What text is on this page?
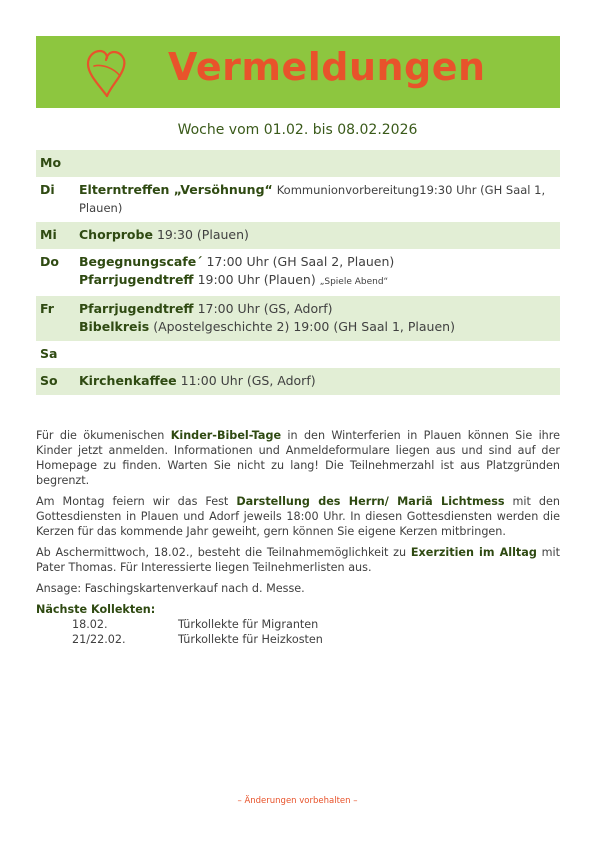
Vermeldungen
Woche vom 01.02. bis 08.02.2026
Mo
Di	Elterntreffen „Versöhnung“ Kommunionvorbereitung19:30 Uhr (GH Saal 1, Plauen)
Mi	Chorprobe 19:30 (Plauen)
Do	Begegnungscafe´ 17:00 Uhr (GH Saal 2, Plauen)
Pfarrjugendtreff 19:00 Uhr (Plauen) „Spiele Abend“
Fr	Pfarrjugendtreff 17:00 Uhr (GS, Adorf)
Bibelkreis (Apostelgeschichte 2) 19:00 (GH Saal 1, Plauen)
Sa
So	Kirchenkaffee 11:00 Uhr (GS, Adorf)

Für die ökumenischen Kinder-Bibel-Tage in den Winterferien in Plauen können Sie ihre Kinder jetzt anmelden. Informationen und Anmeldeformulare liegen aus und sind auf der Homepage zu finden. Warten Sie nicht zu lang! Die Teilnehmerzahl ist aus Platzgründen begrenzt.

Am Montag feiern wir das Fest Darstellung des Herrn/ Mariä Lichtmess mit den Gottesdiensten in Plauen und Adorf jeweils 18:00 Uhr. In diesen Gottesdiensten werden die Kerzen für das kommende Jahr geweiht, gern können Sie eigene Kerzen mitbringen.

Ab Aschermittwoch, 18.02., besteht die Teilnahmemöglichkeit zu Exerzitien im Alltag mit Pater Thomas. Für Interessierte liegen Teilnehmerlisten aus.

Ansage: Faschingskartenverkauf nach d. Messe.

Nächste Kollekten:
18.02.	Türkollekte für Migranten
21/22.02.	Türkollekte für Heizkosten
– Änderungen vorbehalten –
